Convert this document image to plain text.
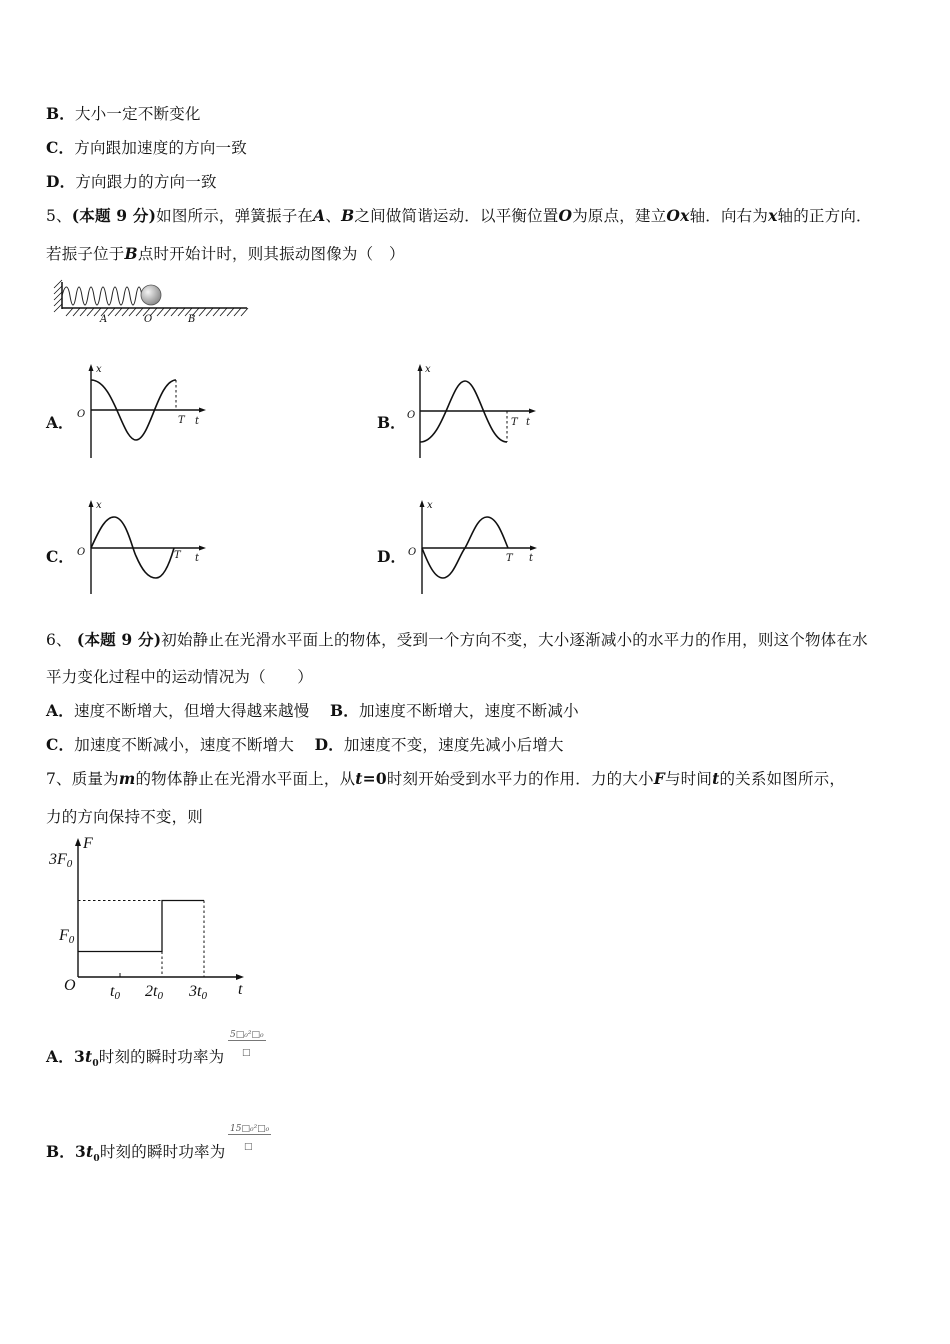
B．大小一定不断变化
C．方向跟加速度的方向一致
D．方向跟力的方向一致
5、(本题 9 分)如图所示，弹簧振子在A、B之间做简谐运动．以平衡位置O为原点，建立Ox轴．向右为x轴的正方向．
若振子位于B点时开始计时，则其振动图像为（　）
A	O	B
A．	B．
C．	D．
x
O
T t
x
O
T t
x
O	T t
x
O
T t
6、 (本题 9 分)初始静止在光滑水平面上的物体，受到一个方向不变，大小逐渐减小的水平力的作用，则这个物体在水
平力变化过程中的运动情况为（　　）
A．速度不断增大，但增大得越来越慢 B．加速度不断增大，速度不断减小
C．加速度不断减小，速度不断增大 D．加速度不变，速度先减小后增大
7、质量为m的物体静止在光滑水平面上，从t=0时刻开始受到水平力的作用．力的大小F与时间t的关系如图所示，
力的方向保持不变，则
F
t
O
3F0
F0
t0 2t0 3t0
A．$3t_0$时刻的瞬时功率为
5□₀²□₀
□
B．$3t_0$时刻的瞬时功率为
15□₀²□₀
□
